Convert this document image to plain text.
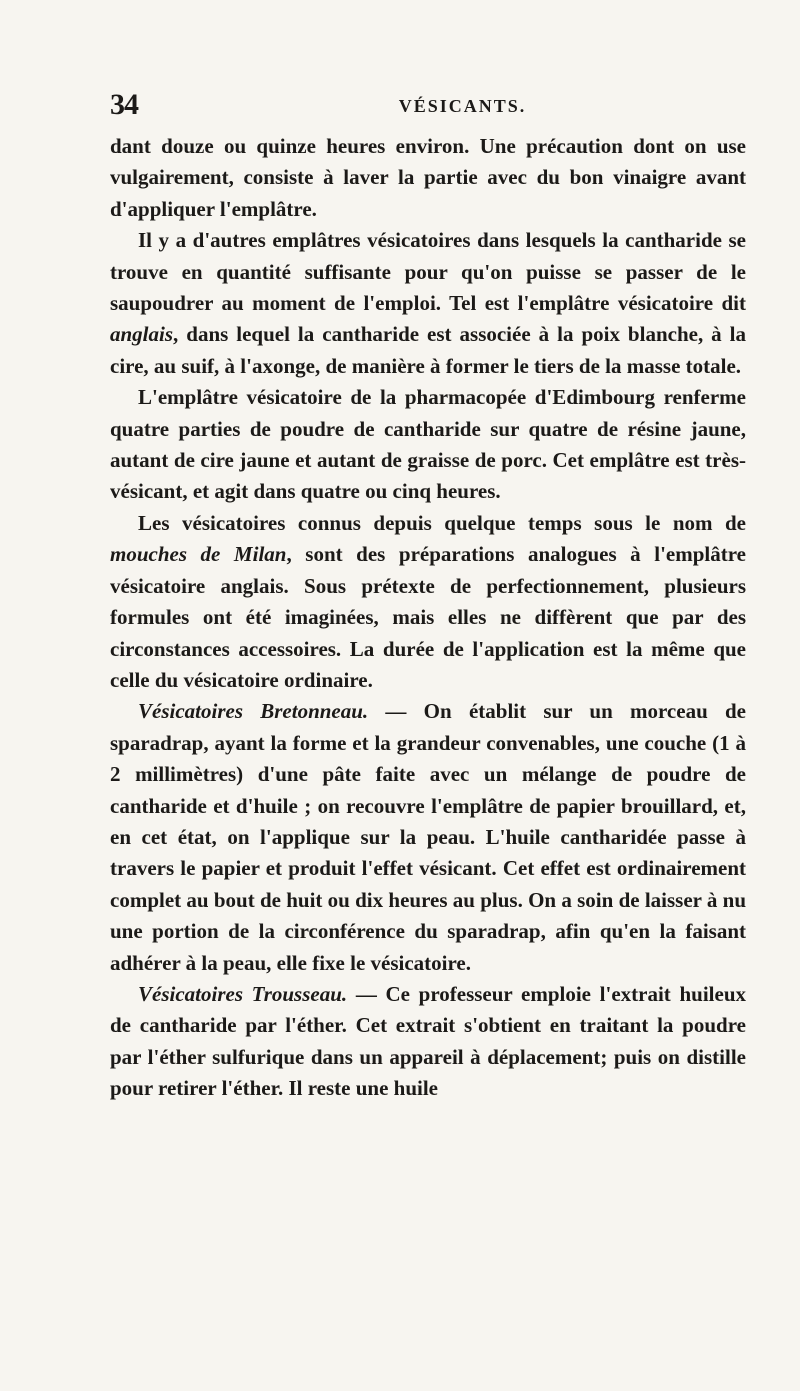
34	VÉSICANTS.

dant douze ou quinze heures environ. Une précaution dont on use vulgairement, consiste à laver la partie avec du bon vinaigre avant d'appliquer l'emplâtre.

Il y a d'autres emplâtres vésicatoires dans lesquels la cantharide se trouve en quantité suffisante pour qu'on puisse se passer de le saupoudrer au moment de l'emploi. Tel est l'emplâtre vésicatoire dit anglais, dans lequel la cantharide est associée à la poix blanche, à la cire, au suif, à l'axonge, de manière à former le tiers de la masse totale.

L'emplâtre vésicatoire de la pharmacopée d'Edimbourg renferme quatre parties de poudre de cantharide sur quatre de résine jaune, autant de cire jaune et autant de graisse de porc. Cet emplâtre est très-vésicant, et agit dans quatre ou cinq heures.

Les vésicatoires connus depuis quelque temps sous le nom de mouches de Milan, sont des préparations analogues à l'emplâtre vésicatoire anglais. Sous prétexte de perfectionnement, plusieurs formules ont été imaginées, mais elles ne diffèrent que par des circonstances accessoires. La durée de l'application est la même que celle du vésicatoire ordinaire.

Vésicatoires Bretonneau. — On établit sur un morceau de sparadrap, ayant la forme et la grandeur convenables, une couche (1 à 2 millimètres) d'une pâte faite avec un mélange de poudre de cantharide et d'huile ; on recouvre l'emplâtre de papier brouillard, et, en cet état, on l'applique sur la peau. L'huile cantharidée passe à travers le papier et produit l'effet vésicant. Cet effet est ordinairement complet au bout de huit ou dix heures au plus. On a soin de laisser à nu une portion de la circonférence du sparadrap, afin qu'en la faisant adhérer à la peau, elle fixe le vésicatoire.

Vésicatoires Trousseau. — Ce professeur emploie l'extrait huileux de cantharide par l'éther. Cet extrait s'obtient en traitant la poudre par l'éther sulfurique dans un appareil à déplacement; puis on distille pour retirer l'éther. Il reste une huile
